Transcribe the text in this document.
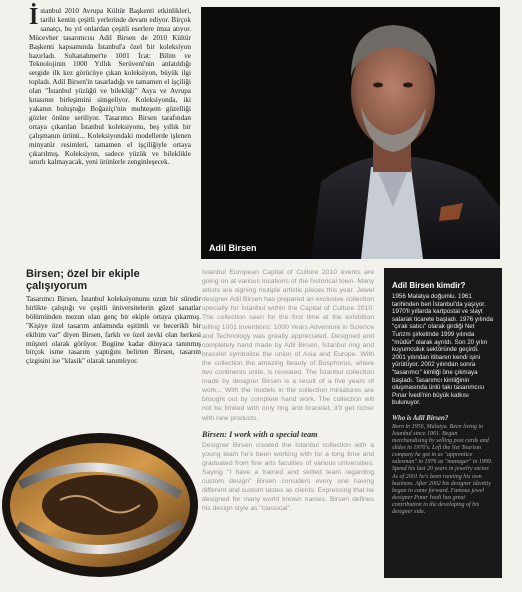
İstanbul 2010 Avrupa Kültür Başkenti etkinlikleri, tarihi kentin çeşitli yerlerinde devam ediyor. Birçok sanatçı, bu yıl onlardan çeşitli eserlere imza atıyor. Mücevher tasarımcısı Adil Birsen de 2010 Kültür Başkenti kapsamında İstanbul'a özel bir koleksiyon hazırladı. Sultanahmet'te 1001 İcat: Bilim ve Teknolojinin 1000 Yıllık Serüveni'nin anlatıldığı sergide ilk kez görücüye çıkan koleksiyon, büyük ilgi topladı. Adil Birsen'in tasarladığı ve tamamen el işçiliği olan "İstanbul yüzüğü ve bilekliği" Asya ve Avrupa kıtasının birleşimini simgeliyor. Koleksiyonda, iki yakanın buluştuğu Boğaziçi'nin muhteşem güzelliği gözler önüne seriliyor. Tasarımcı Birsen tarafından ortaya çıkarılan İstanbul koleksiyonu, beş yıllık bir çalışmanın ürünü... Koleksiyondaki modellerde işlenen minyatür resimleri, tamamen el işçiliğiyle ortaya çıkarılmış. Koleksiyon, sadece yüzük ve bileklikle sınırlı kalmayacak, yeni ürünlerle zenginleşecek.
Adil Birsen
Birsen; özel bir ekiple çalışıyorum
Tasarımcı Birsen, İstanbul koleksiyonunu uzun bir süredir birlikte çalıştığı ve çeşitli üniversitelerin güzel sanatlar bölümünden mezun olan genç bir ekiple ortaya çıkarmış. "Kişiye özel tasarım anlamında eşitimli ve becerikli bir ekibim var" diyen Birsen, farklı ve özel zevki olan herkesi müşteri olarak görüyor. Bugüne kadar dünyaca tanınmış birçok isme tasarım yaptığını belirten Birsen, tasarım çizgisini ise "klasik" olarak tanımlıyor.
İstanbul European Capital of Culture 2010 events are going on at various locations of the historical town. Many artists are signing mutiple artistic pieces this year. Jewel designer Adil Birsen has prepared an exclusive collection specially for İstanbul within the Capital of Culture 2010. The collection seen for the first time at the exhibition telling 1001 Inventions: 1000 Years Adventure in Science and Technology was greatly appreciated. Designed and completely hand made by Adil Birsen, İstanbul ring and bracelet symbolize the union of Asia and Europe. With the collection the amazing beauty of Bosphorus, where two continents unite, is revealed. The İstanbul collection made by designer Birsen is a result of a five years of work... With the models in the collection miniatures are brought out by complete hand work. The collection will not be limited with only ring and bracelet, it'll get richer with new products.
Birsen: I work with a special team
Designer Birsen created the İstanbul collection with a young team he's been working with for a long time and graduated from fine arts faculties of various universities. Saying "I have a trained and skilled team regarding custom design" Birsen considers every one having different and custom tastes as clients. Expressing that he designed for many world known names, Birsen defines his design style as "classical".
Adil Birsen kimdir?
1956 Malatya doğumlu. 1961 tarihinden beri İstanbul'da yaşıyor. 1970'li yıllarda kartpostal ve slayt satarak ticarete başladı. 1976 yılında "çırak satıcı" olarak girdiği Net Turizm şirketinde 1999 yılında "müdür" olarak ayrıldı. Son 20 yılın kuyumculuk sektöründe geçirdi. 2001 yılından itibaren kendi işini yürütüyor. 2002 yılından sonra "tasarımcı" kimliği öne çıkmaya başladı. Tasarımcı kimliğinin oluşmasında ünlü takı tasarımcısı Pınar İvedi'nin büyük katkısı bulunuyor.
Who is Adil Birsen?
Born in 1956, Malatya. Been living in İstanbul since 1961. Begun merchandising by selling post cards and slides in 1970's. Left the Net Tourism company he got in as "apprentice salesman" in 1976 as "manager" in 1999. Spend his last 20 years in jewelry sector. As of 2001 he's been running his own business. After 2002 his designer identity began to come forward. Famous jewel designer Pınar İvedi has great contribution in the developing of his designer side.
